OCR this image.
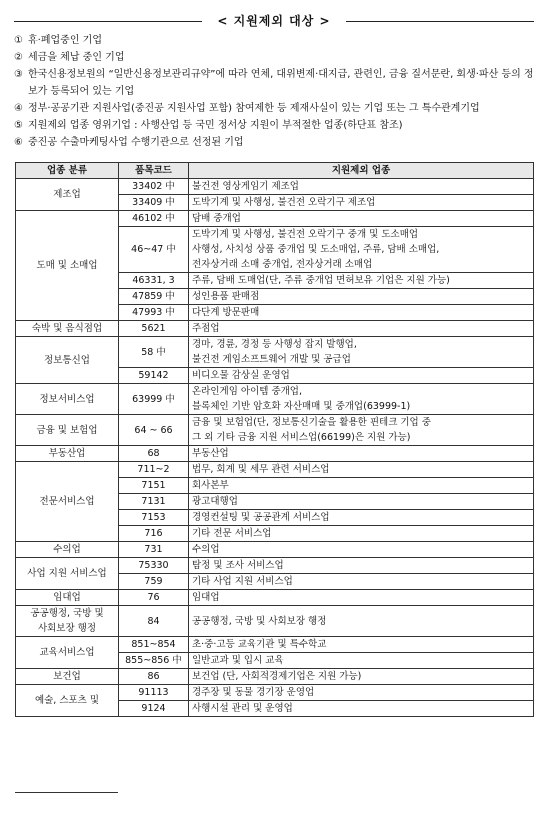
< 지원제외 대상 >
① 휴·폐업중인 기업
② 세금을 체납 중인 기업
③ 한국신용정보원의 “일반신용정보관리규약”에 따라 연체, 대위변제·대지급, 관련인, 금융 질서문란, 회생·파산 등의 정보가 등록되어 있는 기업
④ 정부·공공기관 지원사업(중진공 지원사업 포함) 참여제한 등 제재사실이 있는 기업 또는 그 특수관계기업
⑤ 지원제외 업종 영위기업 : 사행산업 등 국민 정서상 지원이 부적절한 업종(하단표 참조)
⑥ 중진공 수출마케팅사업 수행기관으로 선정된 기업
업종 분류	품목코드	지원제외 업종
제조업	33402 中	불건전 영상게임기 제조업
	33409 中	도박기계 및 사행성, 불건전 오락기구 제조업
도매 및 소매업	46102 中	담배 중개업
	46~47 中	도박기계 및 사행성, 불건전 오락기구 중개 및 도소매업
사행성, 사치성 상품 중개업 및 도소매업, 주류, 담배 소매업,
전자상거래 소매 중개업, 전자상거래 소매업
	46331, 3	주류, 담배 도매업(단, 주류 중개업 면허보유 기업은 지원 가능)
	47859 中	성인용품 판매점
	47993 中	다단계 방문판매
숙박 및 음식점업	5621	주점업
정보통신업	58 中	경마, 경륜, 경정 등 사행성 잡지 발행업,
불건전 게임소프트웨어 개발 및 공급업
	59142	비디오물 감상실 운영업
정보서비스업	63999 中	온라인게임 아이템 중개업,
블록체인 기반 암호화 자산매매 및 중개업(63999-1)
금융 및 보험업	64 ~ 66	금융 및 보험업(단, 정보통신기술을 활용한 핀테크 기업 중
그 외 기타 금융 지원 서비스업(66199)은 지원 가능)
부동산업	68	부동산업
전문서비스업	711~2	법무, 회계 및 세무 관련 서비스업
	7151	회사본부
	7131	광고대행업
	7153	경영컨설팅 및 공공관계 서비스업
	716	기타 전문 서비스업
수의업	731	수의업
사업 지원 서비스업	75330	탐정 및 조사 서비스업
	759	기타 사업 지원 서비스업
임대업	76	임대업
공공행정, 국방 및
사회보장 행정	84	공공행정, 국방 및 사회보장 행정
교육서비스업	851~854	초·중·고등 교육기관 및 특수학교
	855~856 中	일반교과 및 입시 교육
보건업	86	보건업 (단, 사회적경제기업은 지원 가능)
예술, 스포츠 및	91113	경주장 및 동물 경기장 운영업
	9124	사행시설 관리 및 운영업
